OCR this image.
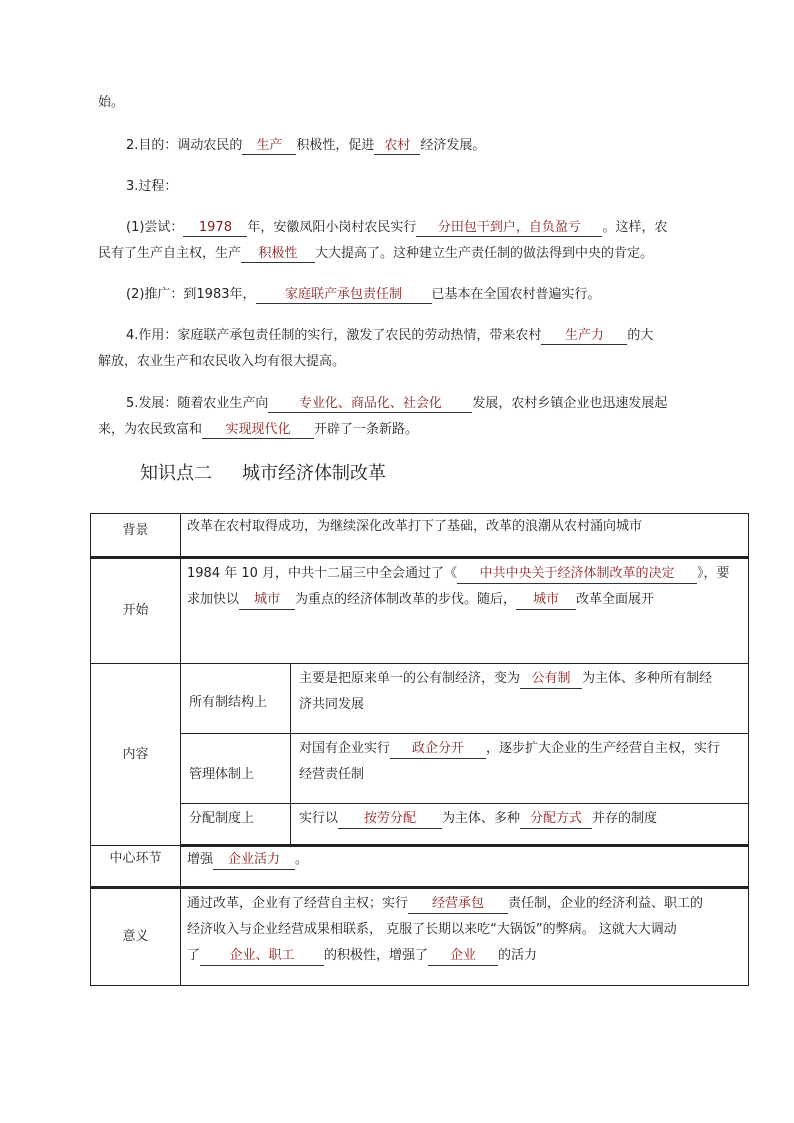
始。
2.目的：调动农民的 生产 积极性，促进 农村 经济发展。
3.过程：
(1)尝试： 1978 年，安徽凤阳小岗村农民实行 分田包干到户，自负盈亏 。这样，农
民有了生产自主权，生产 积极性 大大提高了。这种建立生产责任制的做法得到中央的肯定。
(2)推广：到1983年， 家庭联产承包责任制 已基本在全国农村普遍实行。
4.作用：家庭联产承包责任制的实行，激发了农民的劳动热情，带来农村 生产力 的大
解放，农业生产和农民收入均有很大提高。
5.发展：随着农业生产向 专业化、商品化、社会化 发展，农村乡镇企业也迅速发展起
来，为农民致富和 实现现代化 开辟了一条新路。
知识点二 城市经济体制改革
背景	改革在农村取得成功，为继续深化改革打下了基础，改革的浪潮从农村涌向城市	
开始	1984 年 10 月，中共十二届三中全会通过了《 中共中央关于经济体制改革的决定 》，要
求加快以 城市 为重点的经济体制改革的步伐。随后， 城市 改革全面展开	

内容	所有制结构上	主要是把原来单一的公有制经济，变为 公有制 为主体、多种所有制经
济共同发展

	管理体制上	对国有企业实行 政企分开 ，逐步扩大企业的生产经营自主权，实行
经营责任制

	分配制度上	实行以 按劳分配 为主体、多种 分配方式 并存的制度
中心环节	增强 企业活力 。	
意义	通过改革，企业有了经营自主权；实行 经营承包 责任制，企业的经济利益、职工的
经济收入与企业经营成果相联系， 克服了长期以来吃“大锅饭”的弊病。 这就大大调动
了 企业、职工 的积极性，增强了 企业 的活力	
